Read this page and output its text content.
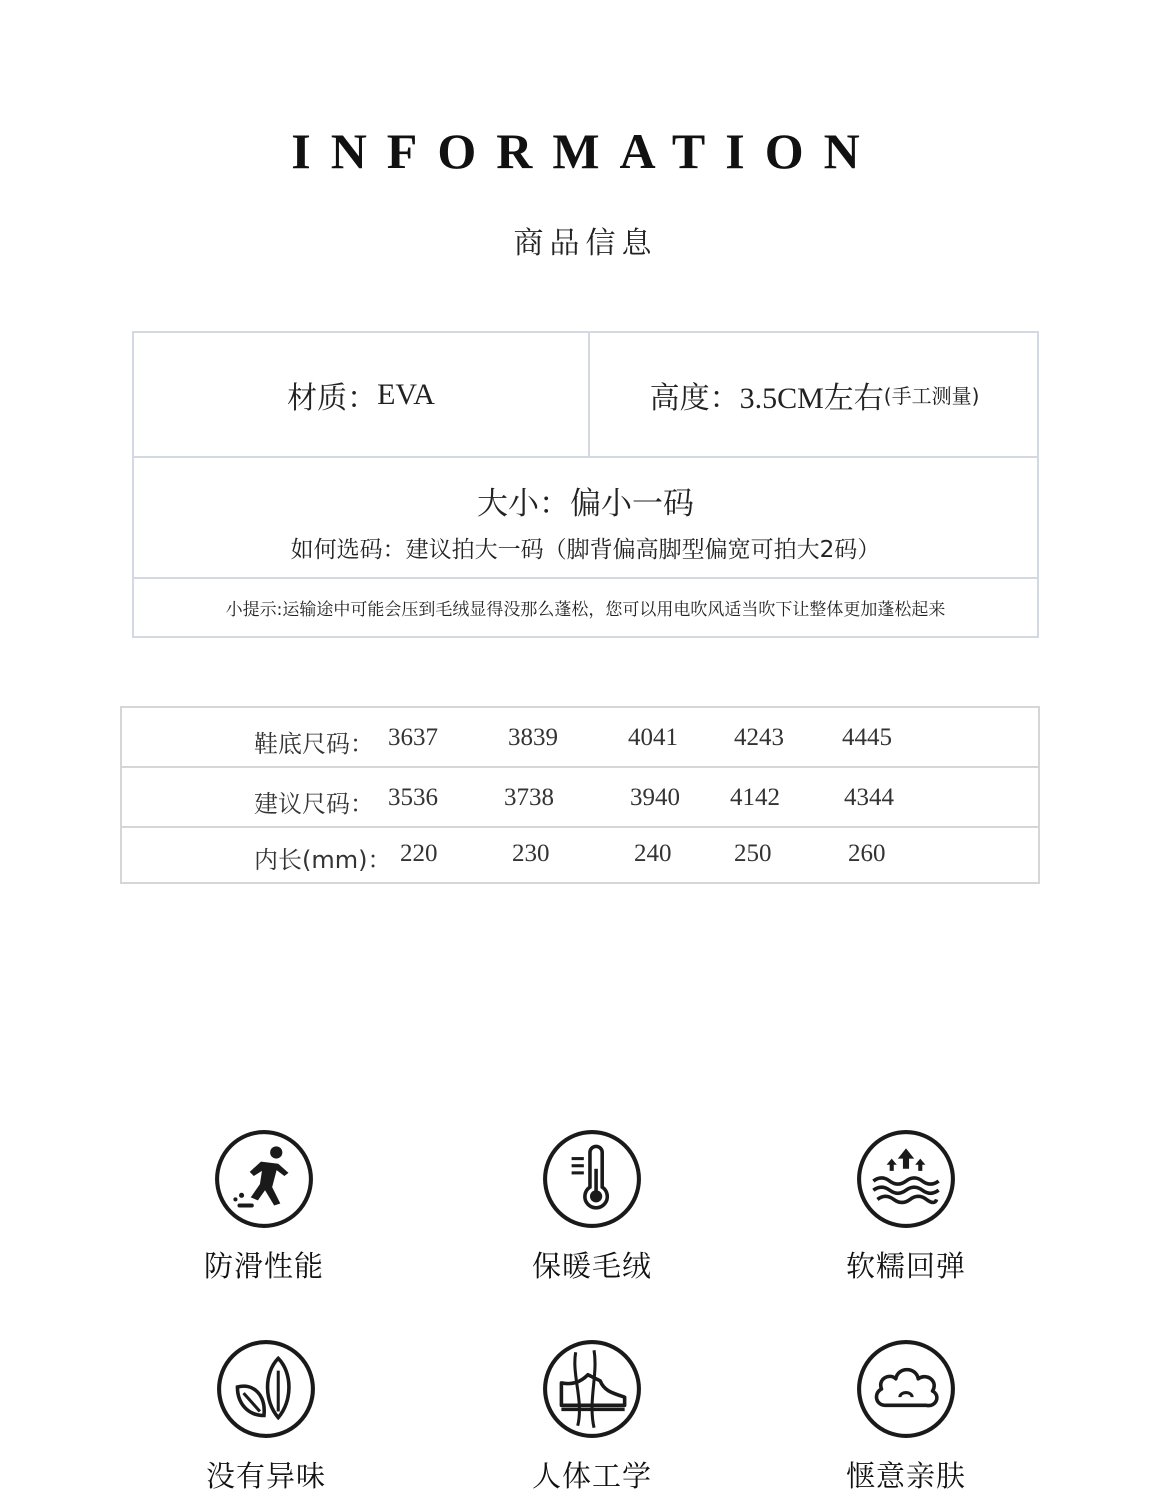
INFORMATION
商品信息
材质： EVA	高度： 3.5CM左右 (手工测量)
大小：偏小一码
如何选码：建议拍大一码（脚背偏高脚型偏宽可拍大2码）
小提示:运输途中可能会压到毛绒显得没那么蓬松，您可以用电吹风适当吹下让整体更加蓬松起来
鞋底尺码： 3637	3839	4041 4243 4445
建议尺码： 3536	3738	3940 4142	4344
内长(mm)： 220	230	240	250	260
防滑性能	保暖毛绒	软糯回弹
没有异味	人体工学	惬意亲肤
